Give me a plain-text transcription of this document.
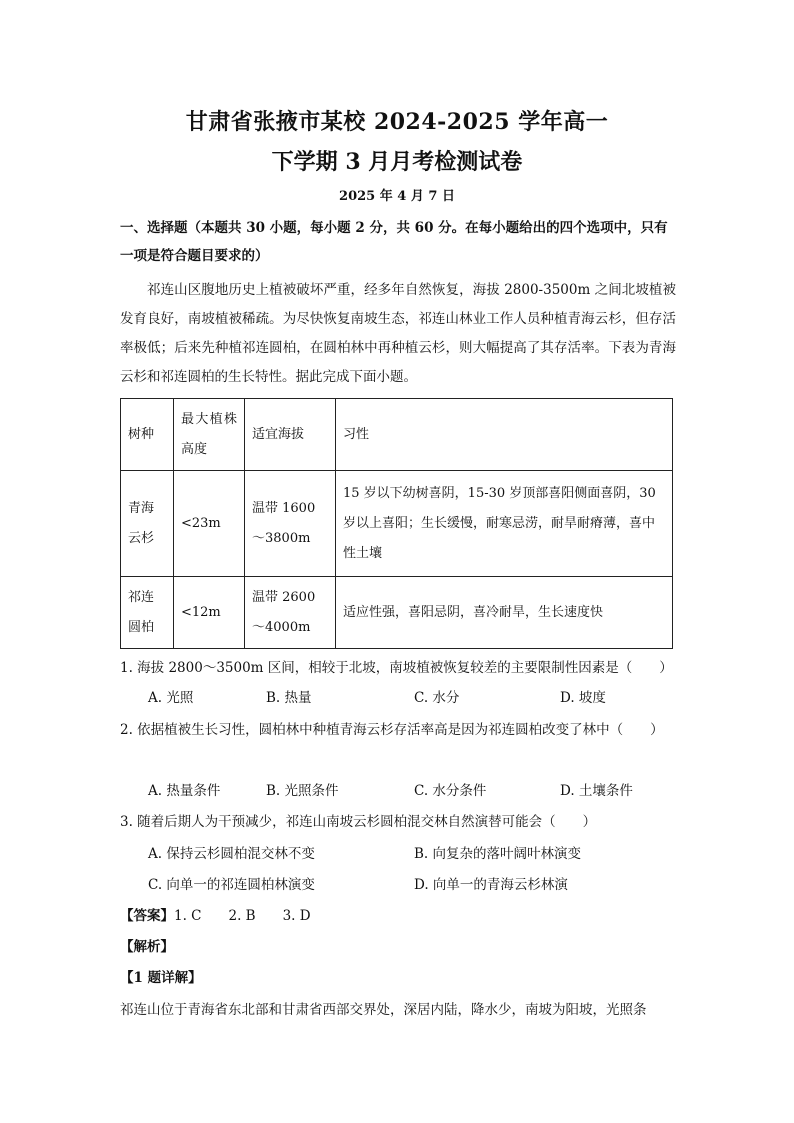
甘肃省张掖市某校 2024-2025 学年高一
下学期 3 月月考检测试卷
2025 年 4 月 7 日
一、选择题（本题共 30 小题，每小题 2 分，共 60 分。在每小题给出的四个选项中，只有一项是符合题目要求的）
祁连山区腹地历史上植被破坏严重，经多年自然恢复，海拔 2800-3500m 之间北坡植被发育良好，南坡植被稀疏。为尽快恢复南坡生态，祁连山林业工作人员种植青海云杉，但存活率极低；后来先种植祁连圆柏，在圆柏林中再种植云杉，则大幅提高了其存活率。下表为青海云杉和祁连圆柏的生长特性。据此完成下面小题。
树种	最大植株高度	适宜海拔	习性
青海云杉	<23m	温带 1600～3800m	15 岁以下幼树喜阴，15-30 岁顶部喜阳侧面喜阴，30 岁以上喜阳；生长缓慢，耐寒忌涝，耐旱耐瘠薄，喜中性土壤
祁连圆柏	<12m	温带 2600～4000m	适应性强，喜阳忌阴，喜冷耐旱，生长速度快
1. 海拔 2800～3500m 区间，相较于北坡，南坡植被恢复较差的主要限制性因素是（　　）
A. 光照	B. 热量	C. 水分	D. 坡度
2. 依据植被生长习性，圆柏林中种植青海云杉存活率高是因为祁连圆柏改变了林中（　　）
A. 热量条件	B. 光照条件	C. 水分条件	D. 土壤条件
3. 随着后期人为干预减少，祁连山南坡云杉圆柏混交林自然演替可能会（　　）
A. 保持云杉圆柏混交林不变	B. 向复杂的落叶阔叶林演变
C. 向单一的祁连圆柏林演变	D. 向单一的青海云杉林演
【答案】1. C　　2. B　　3. D
【解析】
【1 题详解】
祁连山位于青海省东北部和甘肃省西部交界处，深居内陆，降水少，南坡为阳坡，光照条
